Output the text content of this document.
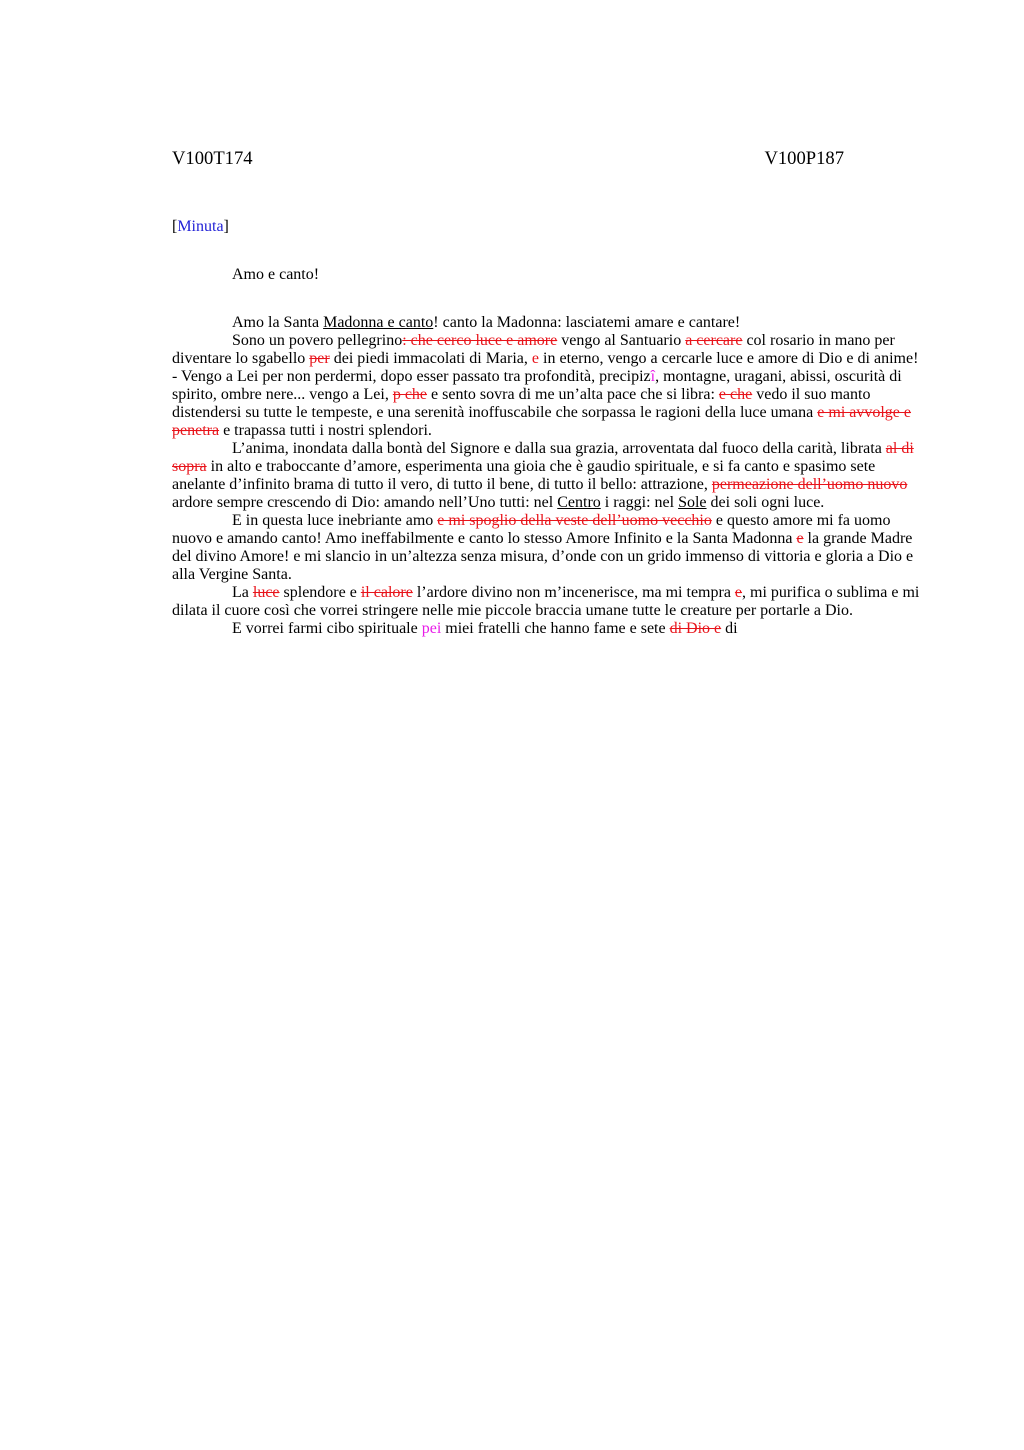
V100T174	V100P187
[Minuta]
Amo e canto!

Amo la Santa Madonna e canto! canto la Madonna: lasciatemi amare e cantare!

Sono un povero pellegrino: che cerco luce e amore vengo al Santuario a cercare col rosario in mano per diventare lo sgabello per dei piedi immacolati di Maria, e in eterno, vengo a cercarle luce e amore di Dio e di anime! - Vengo a Lei per non perdermi, dopo esser passato tra profondità, precipizî, montagne, uragani, abissi, oscurità di spirito, ombre nere... vengo a Lei, p che e sento sovra di me un’alta pace che si libra: e che vedo il suo manto distendersi su tutte le tempeste, e una serenità inoffuscabile che sorpassa le ragioni della luce umana e mi avvolge e penetra e trapassa tutti i nostri splendori.

L’anima, inondata dalla bontà del Signore e dalla sua grazia, arroventata dal fuoco della carità, librata al di sopra in alto e traboccante d’amore, esperimenta una gioia che è gaudio spirituale, e si fa canto e spasimo sete anelante d’infinito brama di tutto il vero, di tutto il bene, di tutto il bello: attrazione, permeazione dell’uomo nuovo ardore sempre crescendo di Dio: amando nell’Uno tutti: nel Centro i raggi: nel Sole dei soli ogni luce.

E in questa luce inebriante amo e mi spoglio della veste dell’uomo vecchio e questo amore mi fa uomo nuovo e amando canto! Amo ineffabilmente e canto lo stesso Amore Infinito e la Santa Madonna e la grande Madre del divino Amore! e mi slancio in un’altezza senza misura, d’onde con un grido immenso di vittoria e gloria a Dio e alla Vergine Santa.

La luce splendore e il calore l’ardore divino non m’incenerisce, ma mi tempra e, mi purifica o sublima e mi dilata il cuore così che vorrei stringere nelle mie piccole braccia umane tutte le creature per portarle a Dio.

E vorrei farmi cibo spirituale pei miei fratelli che hanno fame e sete di Dio e di
